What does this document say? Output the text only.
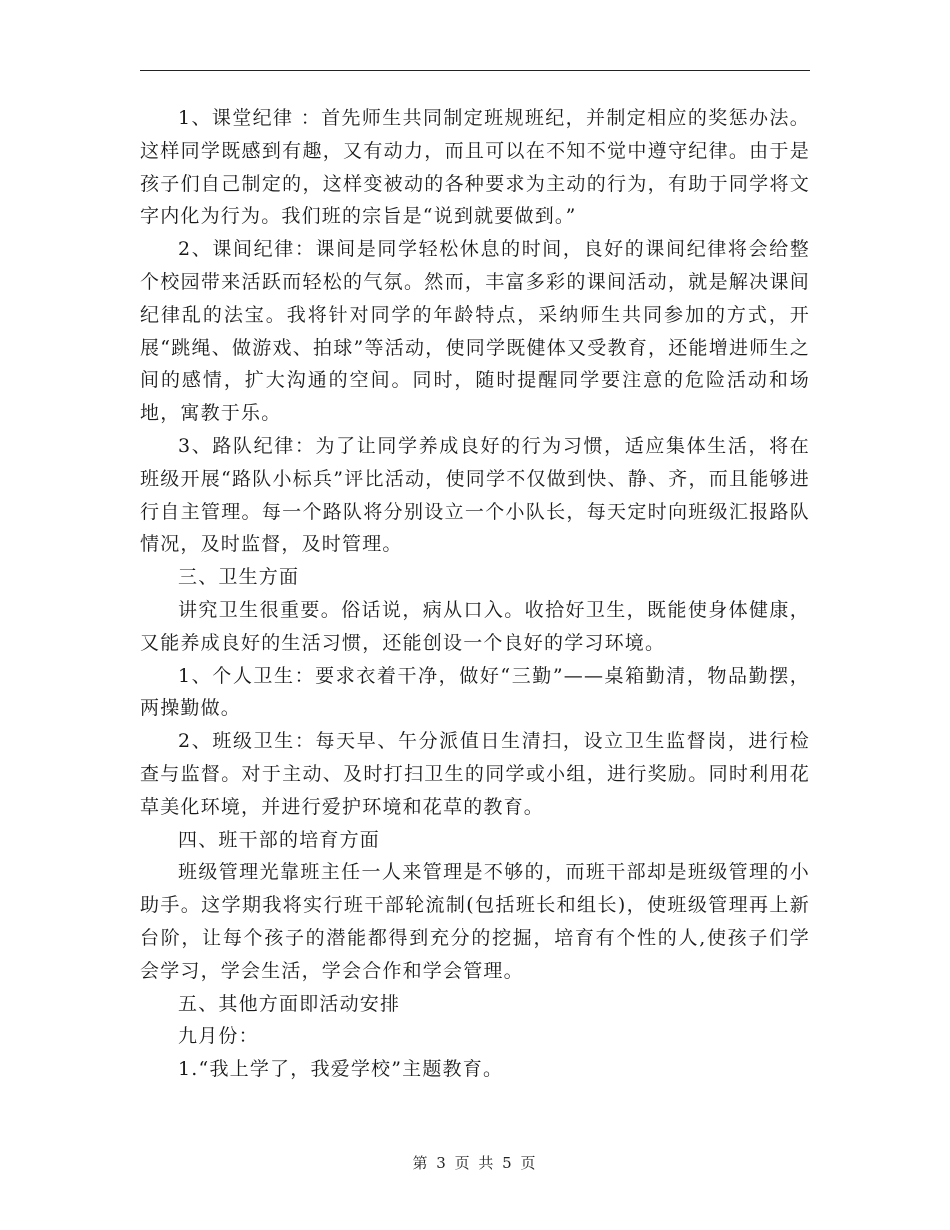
1、课堂纪律 ：首先师生共同制定班规班纪，并制定相应的奖惩办法。这样同学既感到有趣，又有动力，而且可以在不知不觉中遵守纪律。由于是孩子们自己制定的，这样变被动的各种要求为主动的行为，有助于同学将文字内化为行为。我们班的宗旨是“说到就要做到。”

2、课间纪律：课间是同学轻松休息的时间，良好的课间纪律将会给整个校园带来活跃而轻松的气氛。然而，丰富多彩的课间活动，就是解决课间纪律乱的法宝。我将针对同学的年龄特点，采纳师生共同参加的方式，开展“跳绳、做游戏、拍球”等活动，使同学既健体又受教育，还能增进师生之间的感情，扩大沟通的空间。同时，随时提醒同学要注意的危险活动和场地，寓教于乐。

3、路队纪律：为了让同学养成良好的行为习惯，适应集体生活，将在班级开展“路队小标兵”评比活动，使同学不仅做到快、静、齐，而且能够进行自主管理。每一个路队将分别设立一个小队长，每天定时向班级汇报路队情况，及时监督，及时管理。

三、卫生方面

讲究卫生很重要。俗话说，病从口入。收拾好卫生，既能使身体健康，又能养成良好的生活习惯，还能创设一个良好的学习环境。

1、个人卫生：要求衣着干净，做好“三勤”——桌箱勤清，物品勤摆，两操勤做。

2、班级卫生：每天早、午分派值日生清扫，设立卫生监督岗，进行检查与监督。对于主动、及时打扫卫生的同学或小组，进行奖励。同时利用花草美化环境，并进行爱护环境和花草的教育。

四、班干部的培育方面

班级管理光靠班主任一人来管理是不够的，而班干部却是班级管理的小助手。这学期我将实行班干部轮流制(包括班长和组长)，使班级管理再上新台阶，让每个孩子的潜能都得到充分的挖掘，培育有个性的人,使孩子们学会学习，学会生活，学会合作和学会管理。

五、其他方面即活动安排

九月份：

1.“我上学了，我爱学校”主题教育。

第 3 页 共 5 页
